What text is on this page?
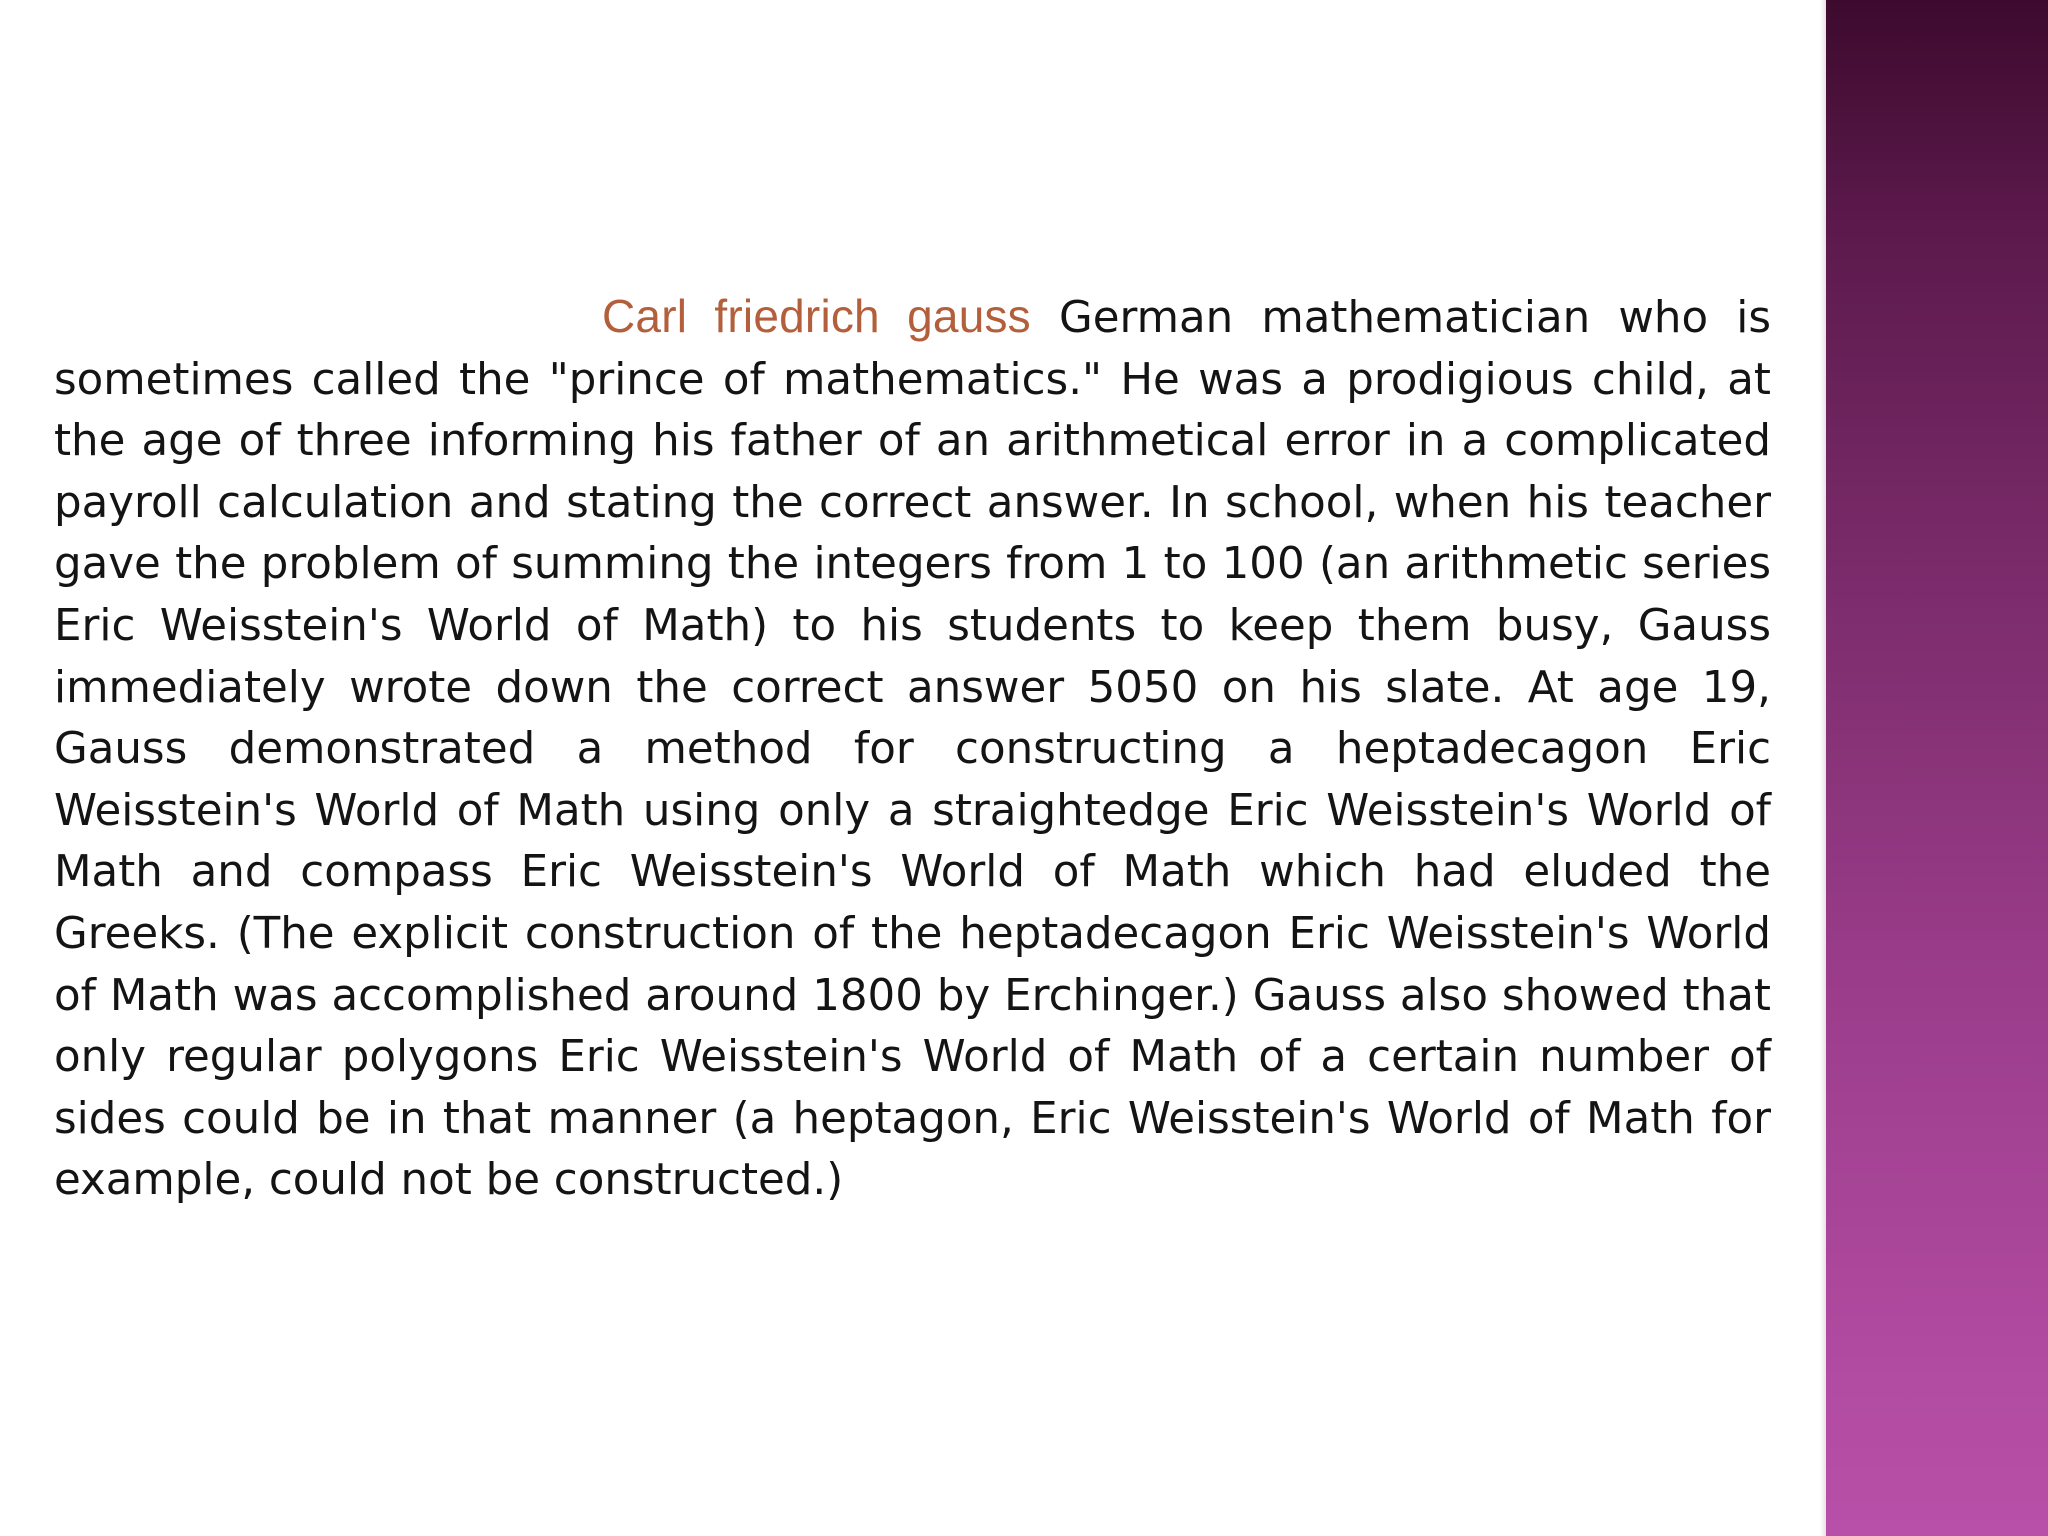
Carl friedrich gauss German mathematician who is sometimes called the "prince of mathematics." He was a prodigious child, at the age of three informing his father of an arithmetical error in a complicated payroll calculation and stating the correct answer. In school, when his teacher gave the problem of summing the integers from 1 to 100 (an arithmetic series Eric Weisstein's World of Math) to his students to keep them busy, Gauss immediately wrote down the correct answer 5050 on his slate. At age 19, Gauss demonstrated a method for constructing a heptadecagon Eric Weisstein's World of Math using only a straightedge Eric Weisstein's World of Math and compass Eric Weisstein's World of Math which had eluded the Greeks. (The explicit construction of the heptadecagon Eric Weisstein's World of Math was accomplished around 1800 by Erchinger.) Gauss also showed that only regular polygons Eric Weisstein's World of Math of a certain number of sides could be in that manner (a heptagon, Eric Weisstein's World of Math for example, could not be constructed.)
